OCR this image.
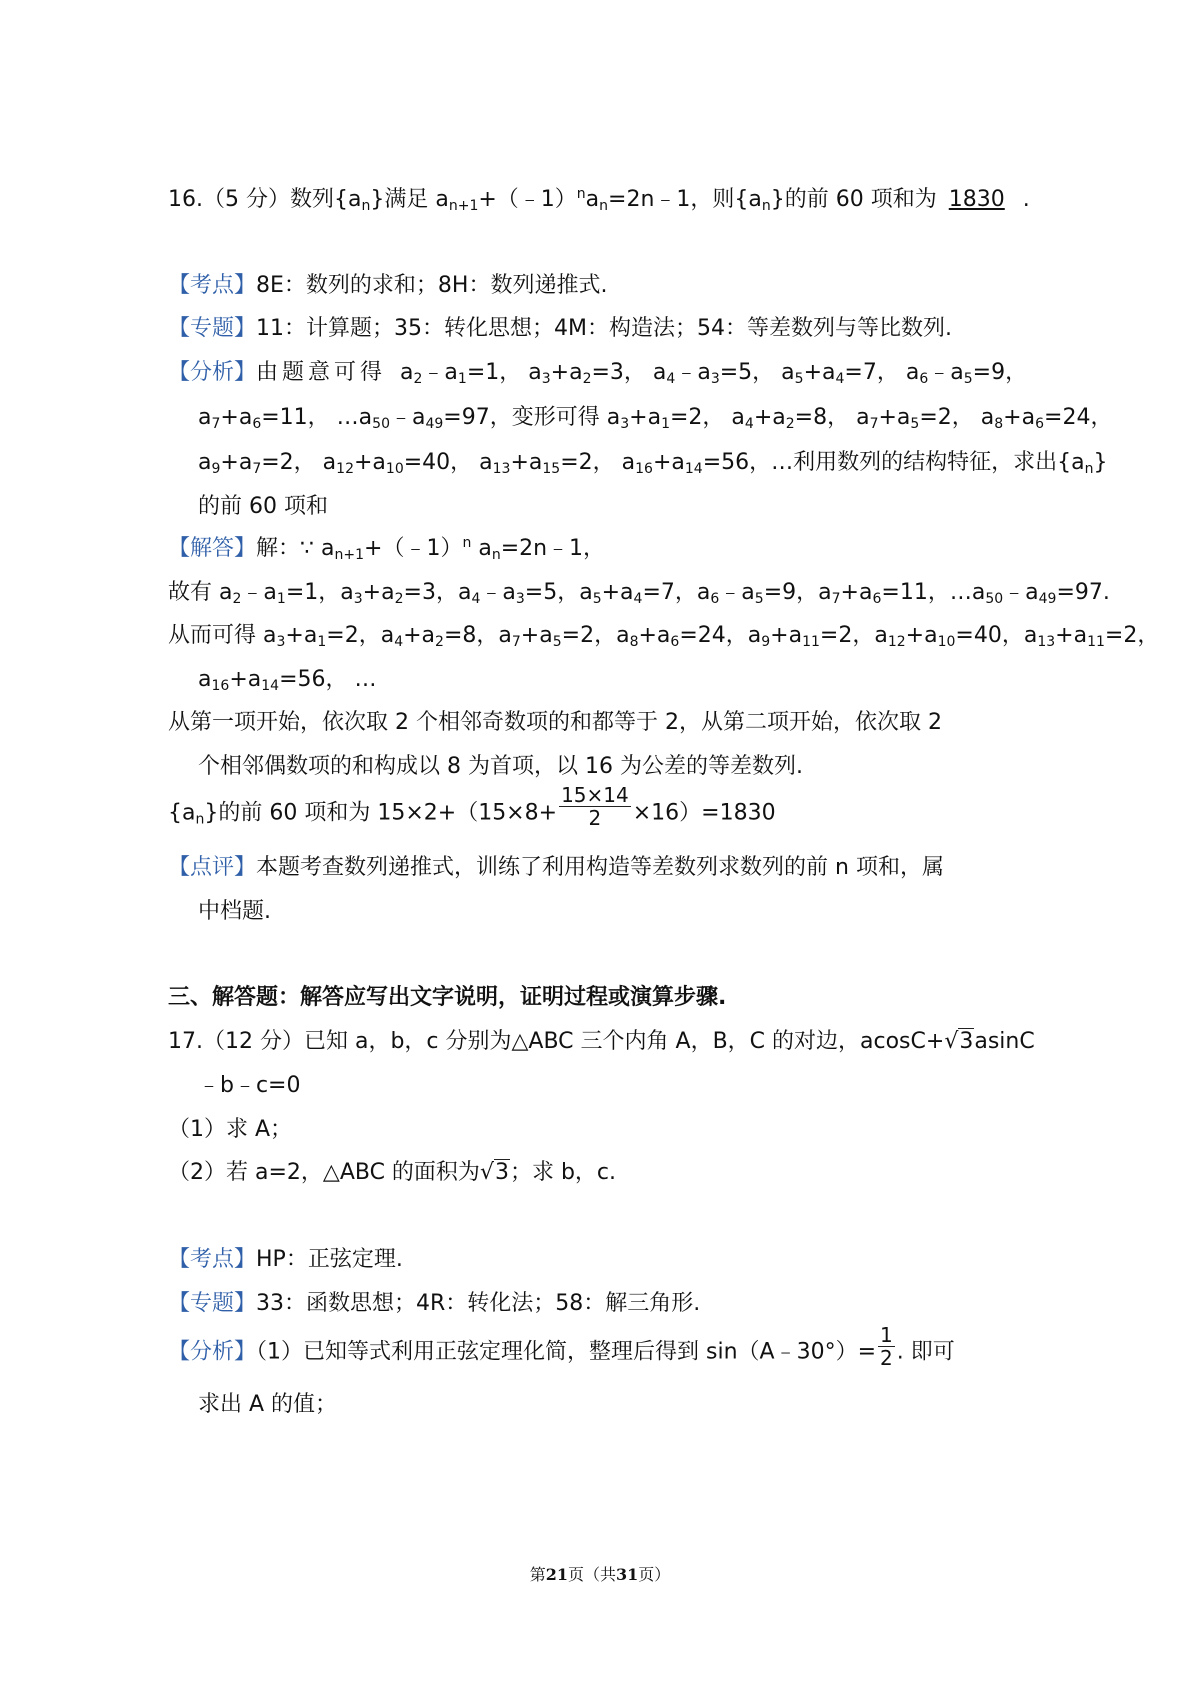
16.（5 分）数列$\{a_n\}$满足 $a_{n+1}+(﹣1)^na_n=2n﹣1$，则$\{a_n\}$的前 60 项和为 1830 .
【考点】8E：数列的求和；8H：数列递推式.
【专题】11：计算题；35：转化思想；4M：构造法；54：等差数列与等比数列.
【分析】由题意可得  $a_2﹣a_1=1$， $a_3+a_2=3$， $a_4﹣a_3=5$， $a_5+a_4=7$， $a_6﹣a_5=9$，
$a_7+a_6=11$， $\dots a_{50}﹣a_{49}=97$，变形可得 $a_3+a_1=2$， $a_4+a_2=8$， $a_7+a_5=2$， $a_8+a_6=24$，
$a_9+a_7=2$， $a_{12}+a_{10}=40$， $a_{13}+a_{15}=2$， $a_{16}+a_{14}=56$，…利用数列的结构特征，求出$\{a_n\}$
的前 60 项和
【解答】解：∵ $a_{n+1}+(﹣1)^n$ $a_n=2n﹣1$，
故有 $a_2﹣a_1=1$，$a_3+a_2=3$，$a_4﹣a_3=5$，$a_5+a_4=7$，$a_6﹣a_5=9$，$a_7+a_6=11$，$\dots a_{50}﹣a_{49}=97$.
从而可得 $a_3+a_1=2$，$a_4+a_2=8$，$a_7+a_5=2$，$a_8+a_6=24$，$a_9+a_{11}=2$，$a_{12}+a_{10}=40$，$a_{13}+a_{11}=2$，
$a_{16}+a_{14}=56$， …
从第一项开始，依次取 2 个相邻奇数项的和都等于 2，从第二项开始，依次取 2
个相邻偶数项的和构成以 8 为首项，以 16 为公差的等差数列.
$\{a_n\}$的前 60 项和为 $15\times 2+(15\times 8+ \frac{15\times 14}{2} \times 16)=1830$
【点评】本题考查数列递推式，训练了利用构造等差数列求数列的前 n 项和，属
中档题.
三、解答题：解答应写出文字说明，证明过程或演算步骤.
17.（12 分）已知 a，b，c 分别为△ABC 三个内角 A，B，C 的对边，acosC+√3asinC
﹣b﹣c=0
（1）求 A；
（2）若 a=2，△ABC 的面积为√3；求 b，c.
【考点】HP：正弦定理.
【专题】33：函数思想；4R：转化法；58：解三角形.
【分析】（1）已知等式利用正弦定理化简，整理后得到 sin（A﹣30°）= $\frac{1}{2}$ . 即可
求出 A 的值；
第21页（共31页）
